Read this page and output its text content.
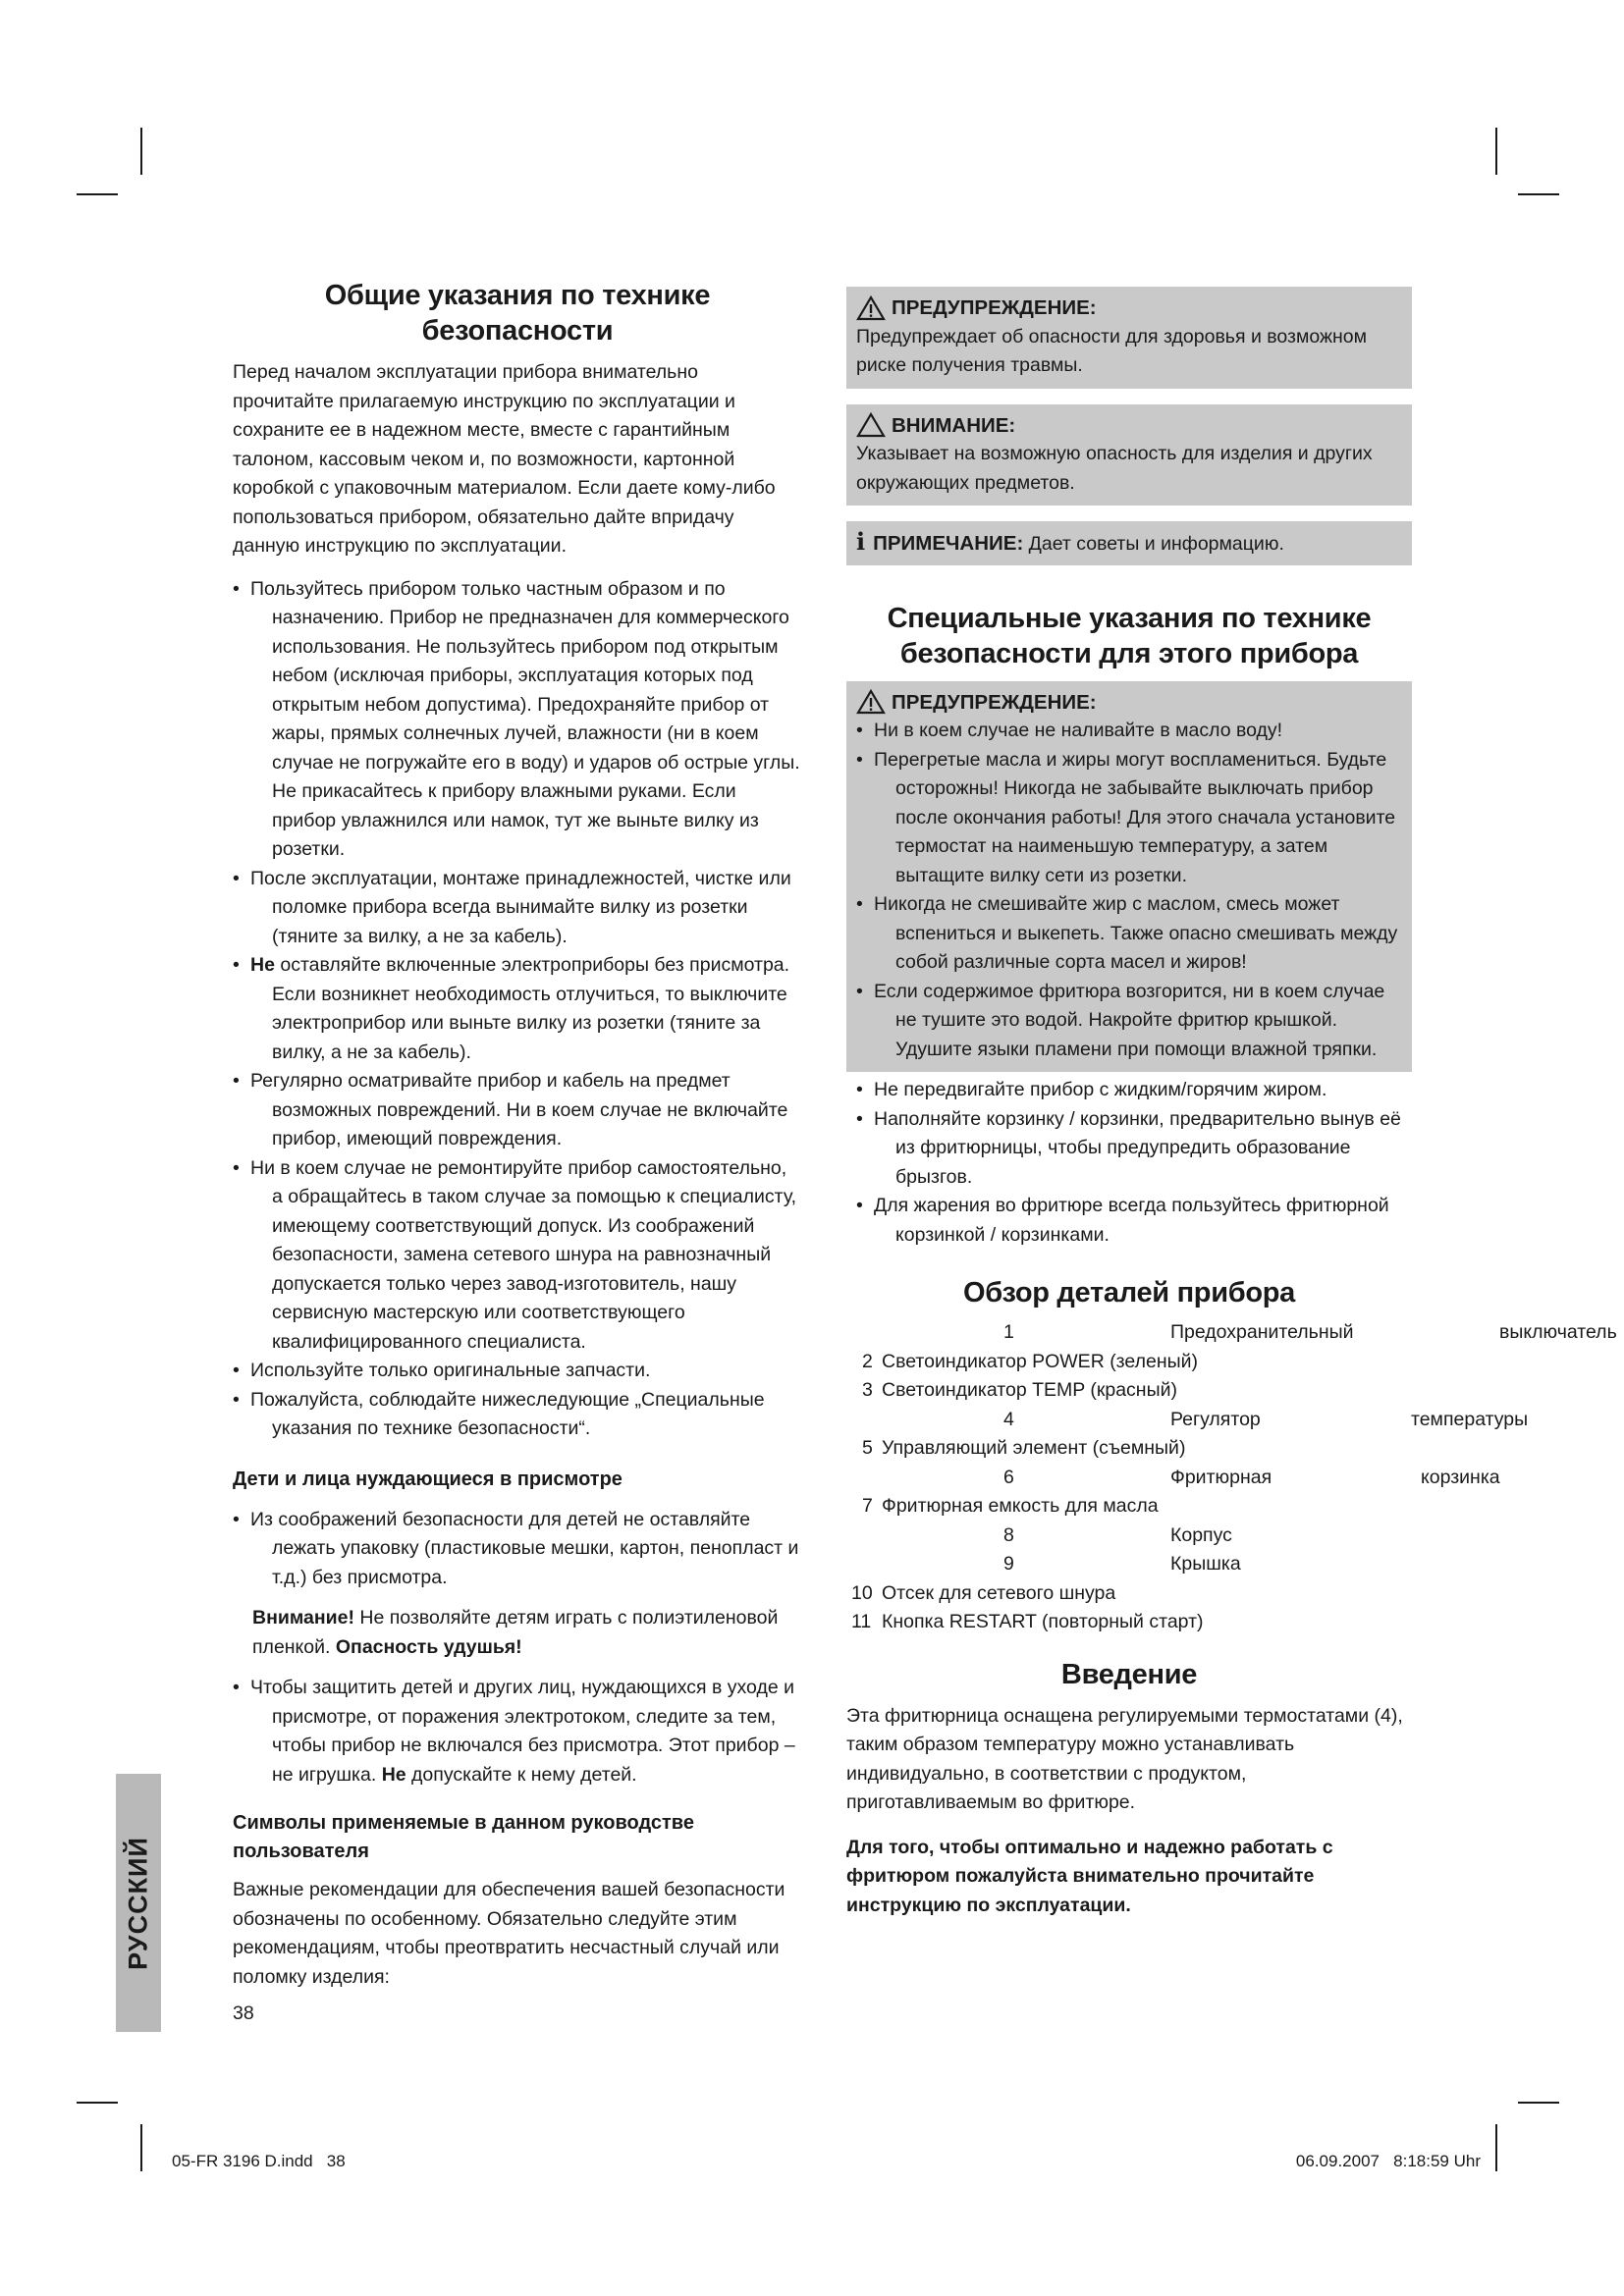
РУССКИЙ
Общие указания по технике безопасности

Перед началом эксплуатации прибора внимательно прочитайте прилагаемую инструкцию по эксплуатации и сохраните ее в надежном месте, вместе с гарантийным талоном, кассовым чеком и, по возможности, картонной коробкой с упаковочным материалом. Если даете кому-либо попользоваться прибором, обязательно дайте впридачу данную инструкцию по эксплуатации.

• Пользуйтесь прибором только частным образом и по назначению. Прибор не предназначен для коммерческого использования. Не пользуйтесь прибором под открытым небом (исключая приборы, эксплуатация которых под открытым небом допустима). Предохраняйте прибор от жары, прямых солнечных лучей, влажности (ни в коем случае не погружайте его в воду) и ударов об острые углы. Не прикасайтесь к прибору влажными руками. Если прибор увлажнился или намок, тут же выньте вилку из розетки.
• После эксплуатации, монтаже принадлежностей, чистке или поломке прибора всегда вынимайте вилку из розетки (тяните за вилку, а не за кабель).
• Не оставляйте включенные электроприборы без присмотра. Если возникнет необходимость отлучиться, то выключите электроприбор или выньте вилку из розетки (тяните за вилку, а не за кабель).
• Регулярно осматривайте прибор и кабель на предмет возможных повреждений. Ни в коем случае не включайте прибор, имеющий повреждения.
• Ни в коем случае не ремонтируйте прибор самостоятельно, а обращайтесь в таком случае за помощью к специалисту, имеющему соответствующий допуск. Из соображений безопасности, замена сетевого шнура на равнозначный допускается только через завод-изготовитель, нашу сервисную мастерскую или соответствующего квалифицированного специалиста.
• Используйте только оригинальные запчасти.
• Пожалуйста, соблюдайте нижеследующие „Специальные указания по технике безопасности“.
Дети и лица нуждающиеся в присмотре
• Из соображений безопасности для детей не оставляйте лежать упаковку (пластиковые мешки, картон, пенопласт и т.д.) без присмотра.

Внимание! Не позволяйте детям играть с полиэтиленовой пленкой. Опасность удушья!

• Чтобы защитить детей и других лиц, нуждающихся в уходе и присмотре, от поражения электротоком, следите за тем, чтобы прибор не включался без присмотра. Этот прибор – не игрушка. Не допускайте к нему детей.
Символы применяемые в данном руководстве пользователя

Важные рекомендации для обеспечения вашей безопасности обозначены по особенному. Обязательно следуйте этим рекомендациям, чтобы преотвратить несчастный случай или поломку изделия:

38

ПРЕДУПРЕЖДЕНИЕ:

Предупреждает об опасности для здоровья и возможном риске получения травмы.

ВНИМАНИЕ:

Указывает на возможную опасность для изделия и других окружающих предметов.

i ПРИМЕЧАНИЕ: Дает советы и информацию.
Специальные указания по технике
безопасности для этого прибора
ПРЕДУПРЕЖДЕНИЕ:
• Ни в коем случае не наливайте в масло воду!
• Перегретые масла и жиры могут воспламениться. Будьте осторожны! Никогда не забывайте выключать прибор после окончания работы! Для этого сначала установите термостат на наименьшую температуру, а затем вытащите вилку сети из розетки.
• Никогда не смешивайте жир с маслом, смесь может вспениться и выкепеть. Также опасно смешивать между собой различные сорта масел и жиров!
• Если содержимое фритюра возгорится, ни в коем случае не тушите это водой. Накройте фритюр крышкой. Удушите языки пламени при помощи влажной тряпки.
• Не передвигайте прибор с жидким/горячим жиром.
• Наполняйте корзинку / корзинки, предварительно вынув её из фритюрницы, чтобы предупредить образование брызгов.
• Для жарения во фритюре всегда пользуйтесь фритюрной корзинкой / корзинками.
Обзор деталей прибора
1	Предохранительный	выключатель
2 Светоиндикатор POWER (зеленый)
3 Светоиндикатор TEMP (красный)
4	Регулятор	температуры
5 Управляющий элемент (съемный)
6	Фритюрная	корзинка
7 Фритюрная емкость для масла
8	Корпус
9	Крышка
10 Отсек для сетевого шнура
11 Кнопка RESTART (повторный старт)
Введение

Эта фритюрница оснащена регулируемыми термостатами (4), таким образом температуру можно устанавливать индивидуально, в соответствии с продуктом, приготавливаемым во фритюре.

Для того, чтобы оптимально и надежно работать с фритюром пожалуйста внимательно прочитайте инструкцию по эксплуатации.

05-FR 3196 D.indd   38	06.09.2007   8:18:59 Uhr
